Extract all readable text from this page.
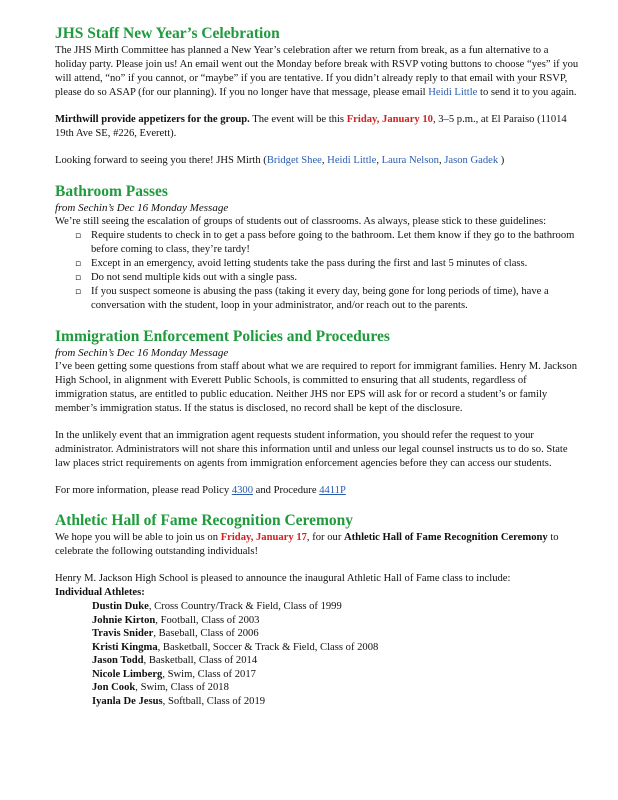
JHS Staff New Year’s Celebration

The JHS Mirth Committee has planned a New Year’s celebration after we return from break, as a fun alternative to a holiday party. Please join us! An email went out the Monday before break with RSVP voting buttons to choose “yes” if you will attend, “no” if you cannot, or “maybe” if you are tentative. If you didn’t already reply to that email with your RSVP, please do so ASAP (for our planning). If you no longer have that message, please email Heidi Little to send it to you again.

Mirthwill provide appetizers for the group. The event will be this Friday, January 10, 3–5 p.m., at El Paraiso (11014 19th Ave SE, #226, Everett).

Looking forward to seeing you there! JHS Mirth (Bridget Shee, Heidi Little, Laura Nelson, Jason Gadek )

Bathroom Passes
from Sechin’s Dec 16 Monday Message

We’re still seeing the escalation of groups of students out of classrooms. As always, please stick to these guidelines:

▫ Require students to check in to get a pass before going to the bathroom. Let them know if they go to the bathroom before coming to class, they’re tardy!
▫ Except in an emergency, avoid letting students take the pass during the first and last 5 minutes of class.
▫ Do not send multiple kids out with a single pass.
▫ If you suspect someone is abusing the pass (taking it every day, being gone for long periods of time), have a conversation with the student, loop in your administrator, and/or reach out to the parents.
Immigration Enforcement Policies and Procedures
from Sechin’s Dec 16 Monday Message

I’ve been getting some questions from staff about what we are required to report for immigrant families. Henry M. Jackson High School, in alignment with Everett Public Schools, is committed to ensuring that all students, regardless of immigration status, are entitled to public education. Neither JHS nor EPS will ask for or record a student’s or family member’s immigration status. If the status is disclosed, no record shall be kept of the disclosure.

In the unlikely event that an immigration agent requests student information, you should refer the request to your administrator. Administrators will not share this information until and unless our legal counsel instructs us to do so. State law places strict requirements on agents from immigration enforcement agencies before they can access our students.

For more information, please read Policy 4300 and Procedure 4411P

Athletic Hall of Fame Recognition Ceremony

We hope you will be able to join us on Friday, January 17, for our Athletic Hall of Fame Recognition Ceremony to celebrate the following outstanding individuals!

Henry M. Jackson High School is pleased to announce the inaugural Athletic Hall of Fame class to include:

Individual Athletes:

Dustin Duke, Cross Country/Track & Field, Class of 1999
Johnie Kirton, Football, Class of 2003
Travis Snider, Baseball, Class of 2006
Kristi Kingma, Basketball, Soccer & Track & Field, Class of 2008
Jason Todd, Basketball, Class of 2014
Nicole Limberg, Swim, Class of 2017
Jon Cook, Swim, Class of 2018
Iyanla De Jesus, Softball, Class of 2019
